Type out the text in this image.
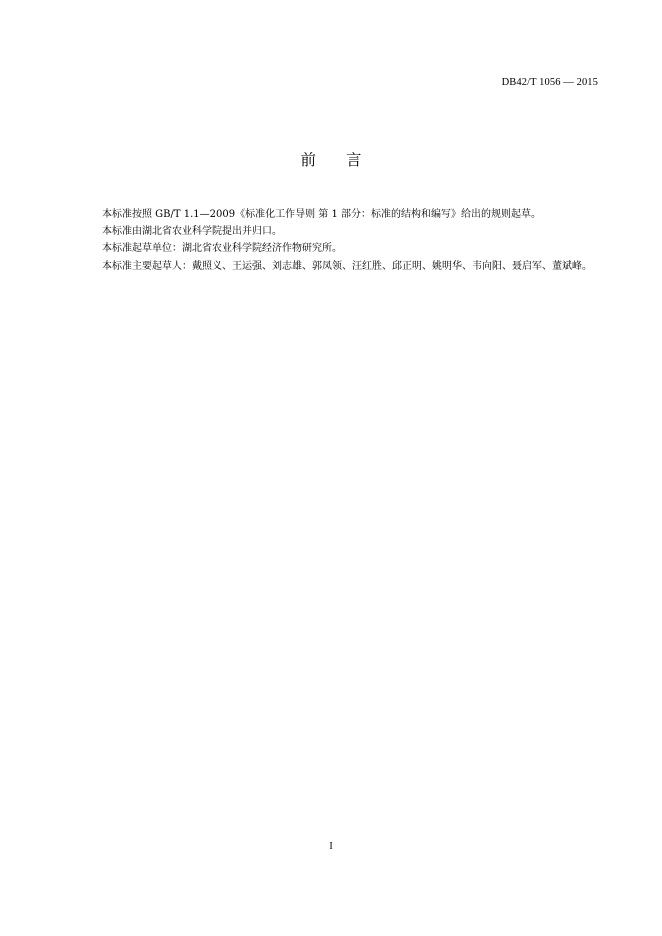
DB42/T 1056 — 2015
前 言

本标准按照 GB/T 1.1—2009《标准化工作导则 第 1 部分：标准的结构和编写》给出的规则起草。

本标准由湖北省农业科学院提出并归口。

本标准起草单位：湖北省农业科学院经济作物研究所。

本标准主要起草人：戴照义、王运强、刘志雄、郭凤领、汪红胜、邱正明、姚明华、韦向阳、聂启军、董斌峰。

I
